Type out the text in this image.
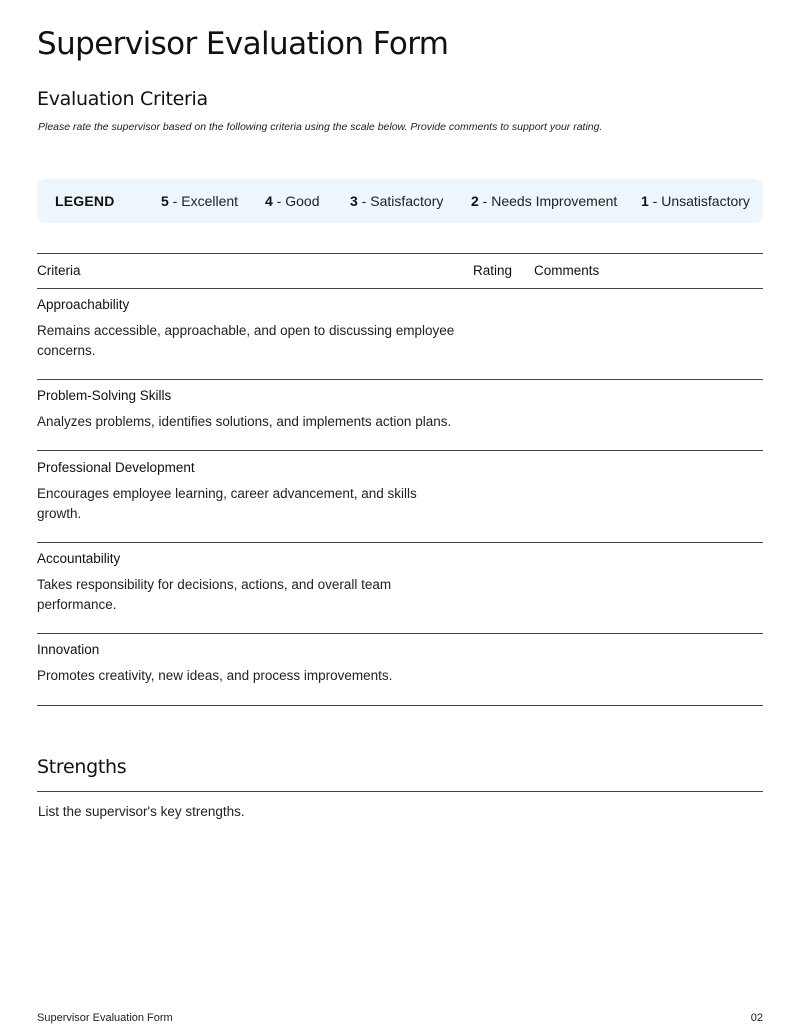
Supervisor Evaluation Form
Evaluation Criteria

Please rate the supervisor based on the following criteria using the scale below. Provide comments to support your rating.

LEGEND	5 - Excellent 4 - Good 3 - Satisfactory 2 - Needs Improvement 1 - Unsatisfactory
Criteria	Rating Comments
Approachability
Remains accessible, approachable, and open to discussing employee concerns.
Problem-Solving Skills
Analyzes problems, identifies solutions, and implements action plans.
Professional Development
Encourages employee learning, career advancement, and skills growth.
Accountability
Takes responsibility for decisions, actions, and overall team performance.
Innovation
Promotes creativity, new ideas, and process improvements.
Strengths
List the supervisor's key strengths.
Supervisor Evaluation Form	02
